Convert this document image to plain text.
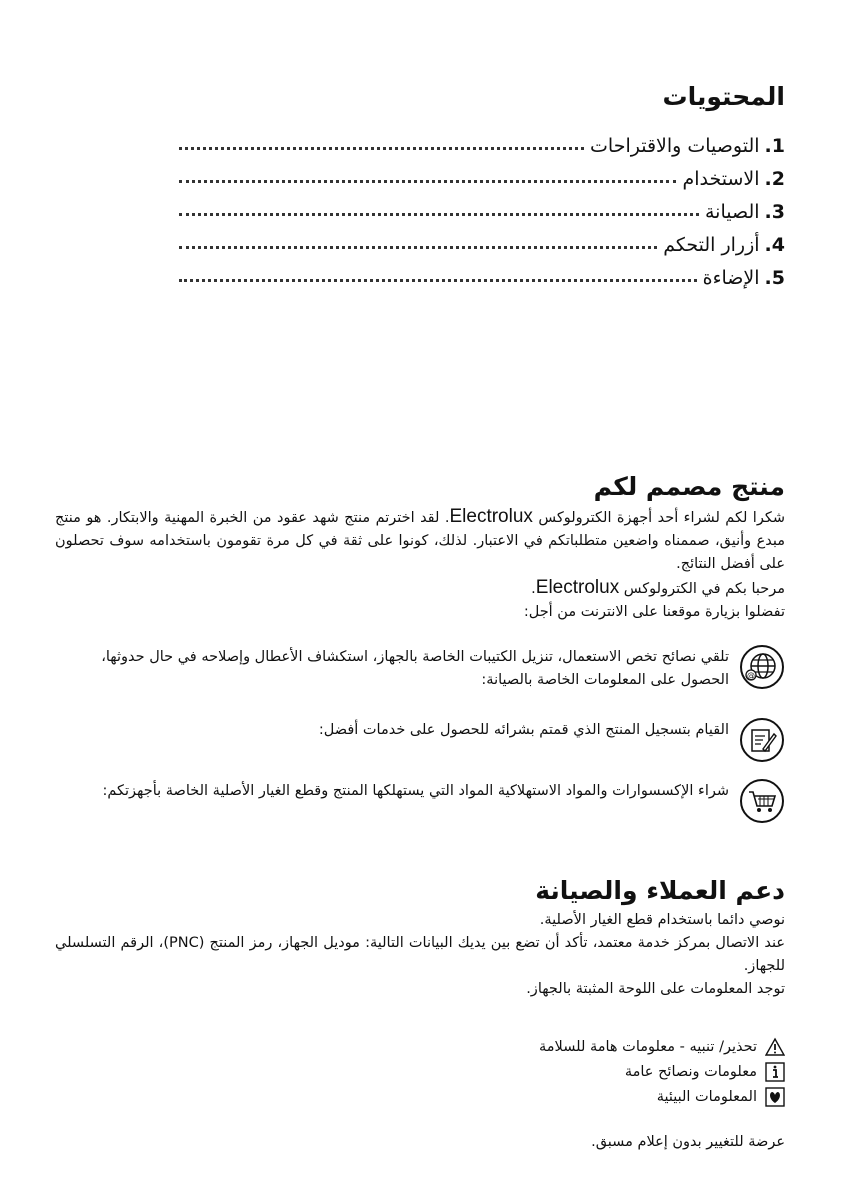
المحتويات
1.
التوصيات والاقتراحات
2.
الاستخدام
3.
الصيانة
4.
أزرار التحكم
5.
الإضاءة
منتج مصمم لكم

شكرا لكم لشراء أحد أجهزة الكترولوكس Electrolux. لقد اخترتم منتج شهد عقود من الخبرة المهنية والابتكار. هو منتج مبدع وأنيق، صممناه واضعين متطلباتكم في الاعتبار. لذلك، كونوا على ثقة في كل مرة تقومون باستخدامه سوف تحصلون على أفضل النتائج.

مرحبا بكم في الكترولوكس Electrolux.

تفضلوا بزيارة موقعنا على الانترنت من أجل:

@
تلقي نصائح تخص الاستعمال، تنزيل الكتيبات الخاصة بالجهاز، استكشاف الأعطال وإصلاحه في حال حدوثها، الحصول على المعلومات الخاصة بالصيانة:
القيام بتسجيل المنتج الذي قمتم بشرائه للحصول على خدمات أفضل:
شراء الإكسسوارات والمواد الاستهلاكية المواد التي يستهلكها المنتج وقطع الغيار الأصلية الخاصة بأجهزتكم:
دعم العملاء والصيانة

نوصي دائما باستخدام قطع الغيار الأصلية.

عند الاتصال بمركز خدمة معتمد، تأكد أن تضع بين يديك البيانات التالية: موديل الجهاز، رمز المنتج (PNC)، الرقم التسلسلي للجهاز.

توجد المعلومات على اللوحة المثبتة بالجهاز.

تحذير/ تنبيه - معلومات هامة للسلامة
معلومات ونصائح عامة
المعلومات البيئية
عرضة للتغيير بدون إعلام مسبق.
